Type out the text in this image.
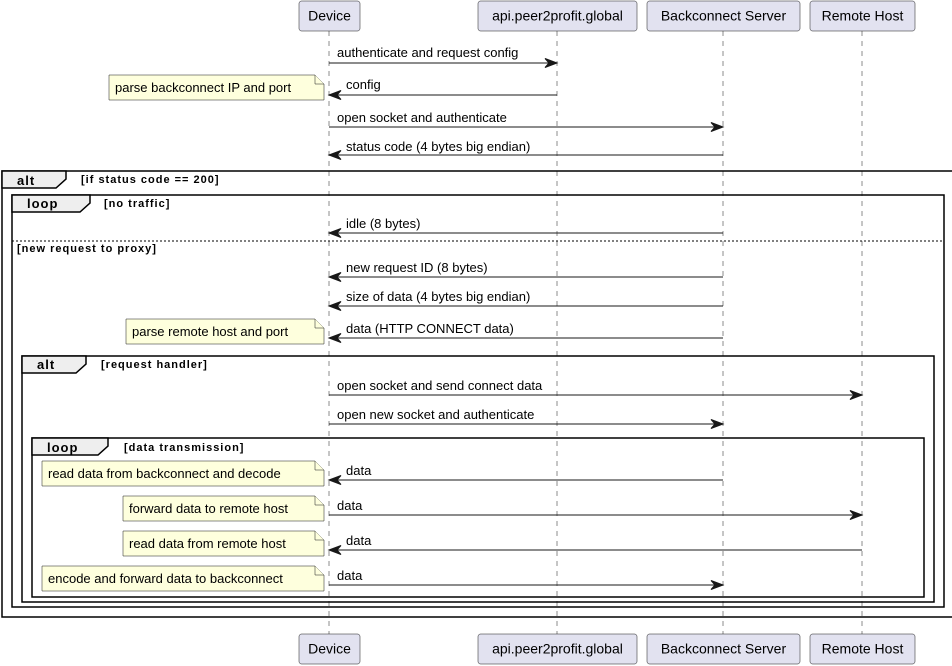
alt	[if status code == 200]
loop	[no traffic]
[new request to proxy]
alt	[request handler]
loop	[data transmission]
authenticate and request config
config
open socket and authenticate
status code (4 bytes big endian)
idle (8 bytes)
new request ID (8 bytes)
size of data (4 bytes big endian)
data (HTTP CONNECT data)
open socket and send connect data
open new socket and authenticate
data
data
data
data
parse backconnect IP and port
parse remote host and port
read data from backconnect and decode
forward data to remote host
read data from remote host
encode and forward data to backconnect
Device	api.peer2profit.global	Backconnect Server	Remote Host
Device	api.peer2profit.global	Backconnect Server	Remote Host
